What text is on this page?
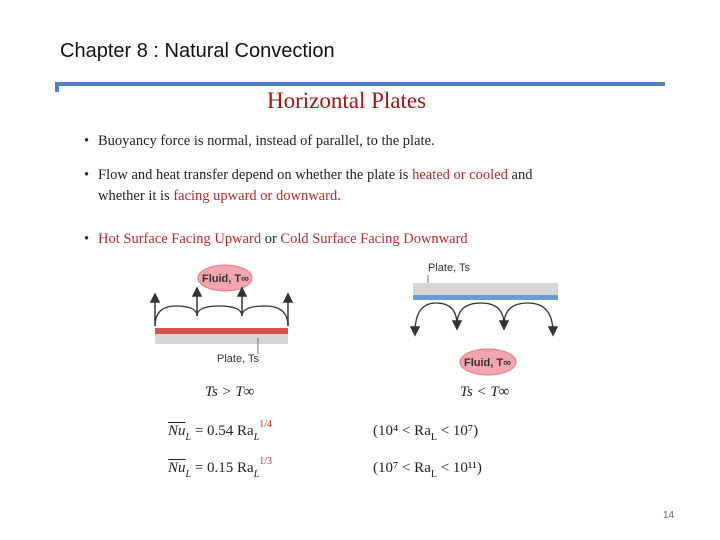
Chapter 8 : Natural Convection
Horizontal Plates
• Buoyancy force is normal, instead of parallel, to the plate.
• Flow and heat transfer depend on whether the plate is heated or cooled and
whether it is facing upward or downward.
• Hot Surface Facing Upward or Cold Surface Facing Downward
Fluid, T∞
Plate, Ts
Plate, Ts
Fluid, T∞
Ts > T∞	Ts < T∞
$\overline{Nu}_L = 0.54$ $Ra_L^{1/4}$	$(10^4 < Ra_L < 10^7)$
$\overline{Nu}_L = 0.15$ $Ra_L^{1/3}$	$(10^7 < Ra_L < 10^{11})$
14
